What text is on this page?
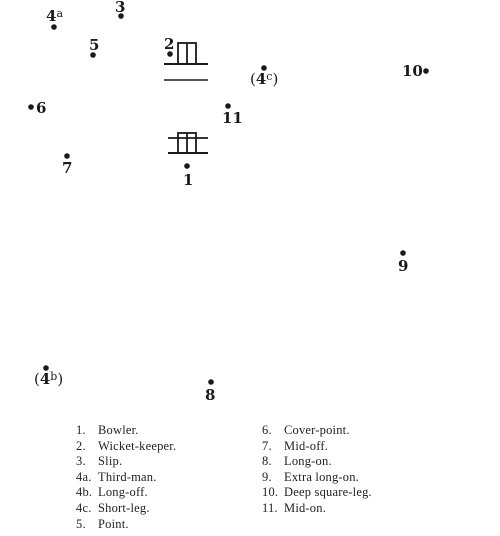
4$^a$	3
5	2
(4$^c$)	10
6
11
7
1
9
(4$^b$)
8
1. Bowler.
2. Wicket-keeper.
3. Slip.
4a. Third-man.
4b. Long-off.
4c. Short-leg.
5. Point.
6. Cover-point.
7. Mid-off.
8. Long-on.
9. Extra long-on.
10. Deep square-leg.
11. Mid-on.
